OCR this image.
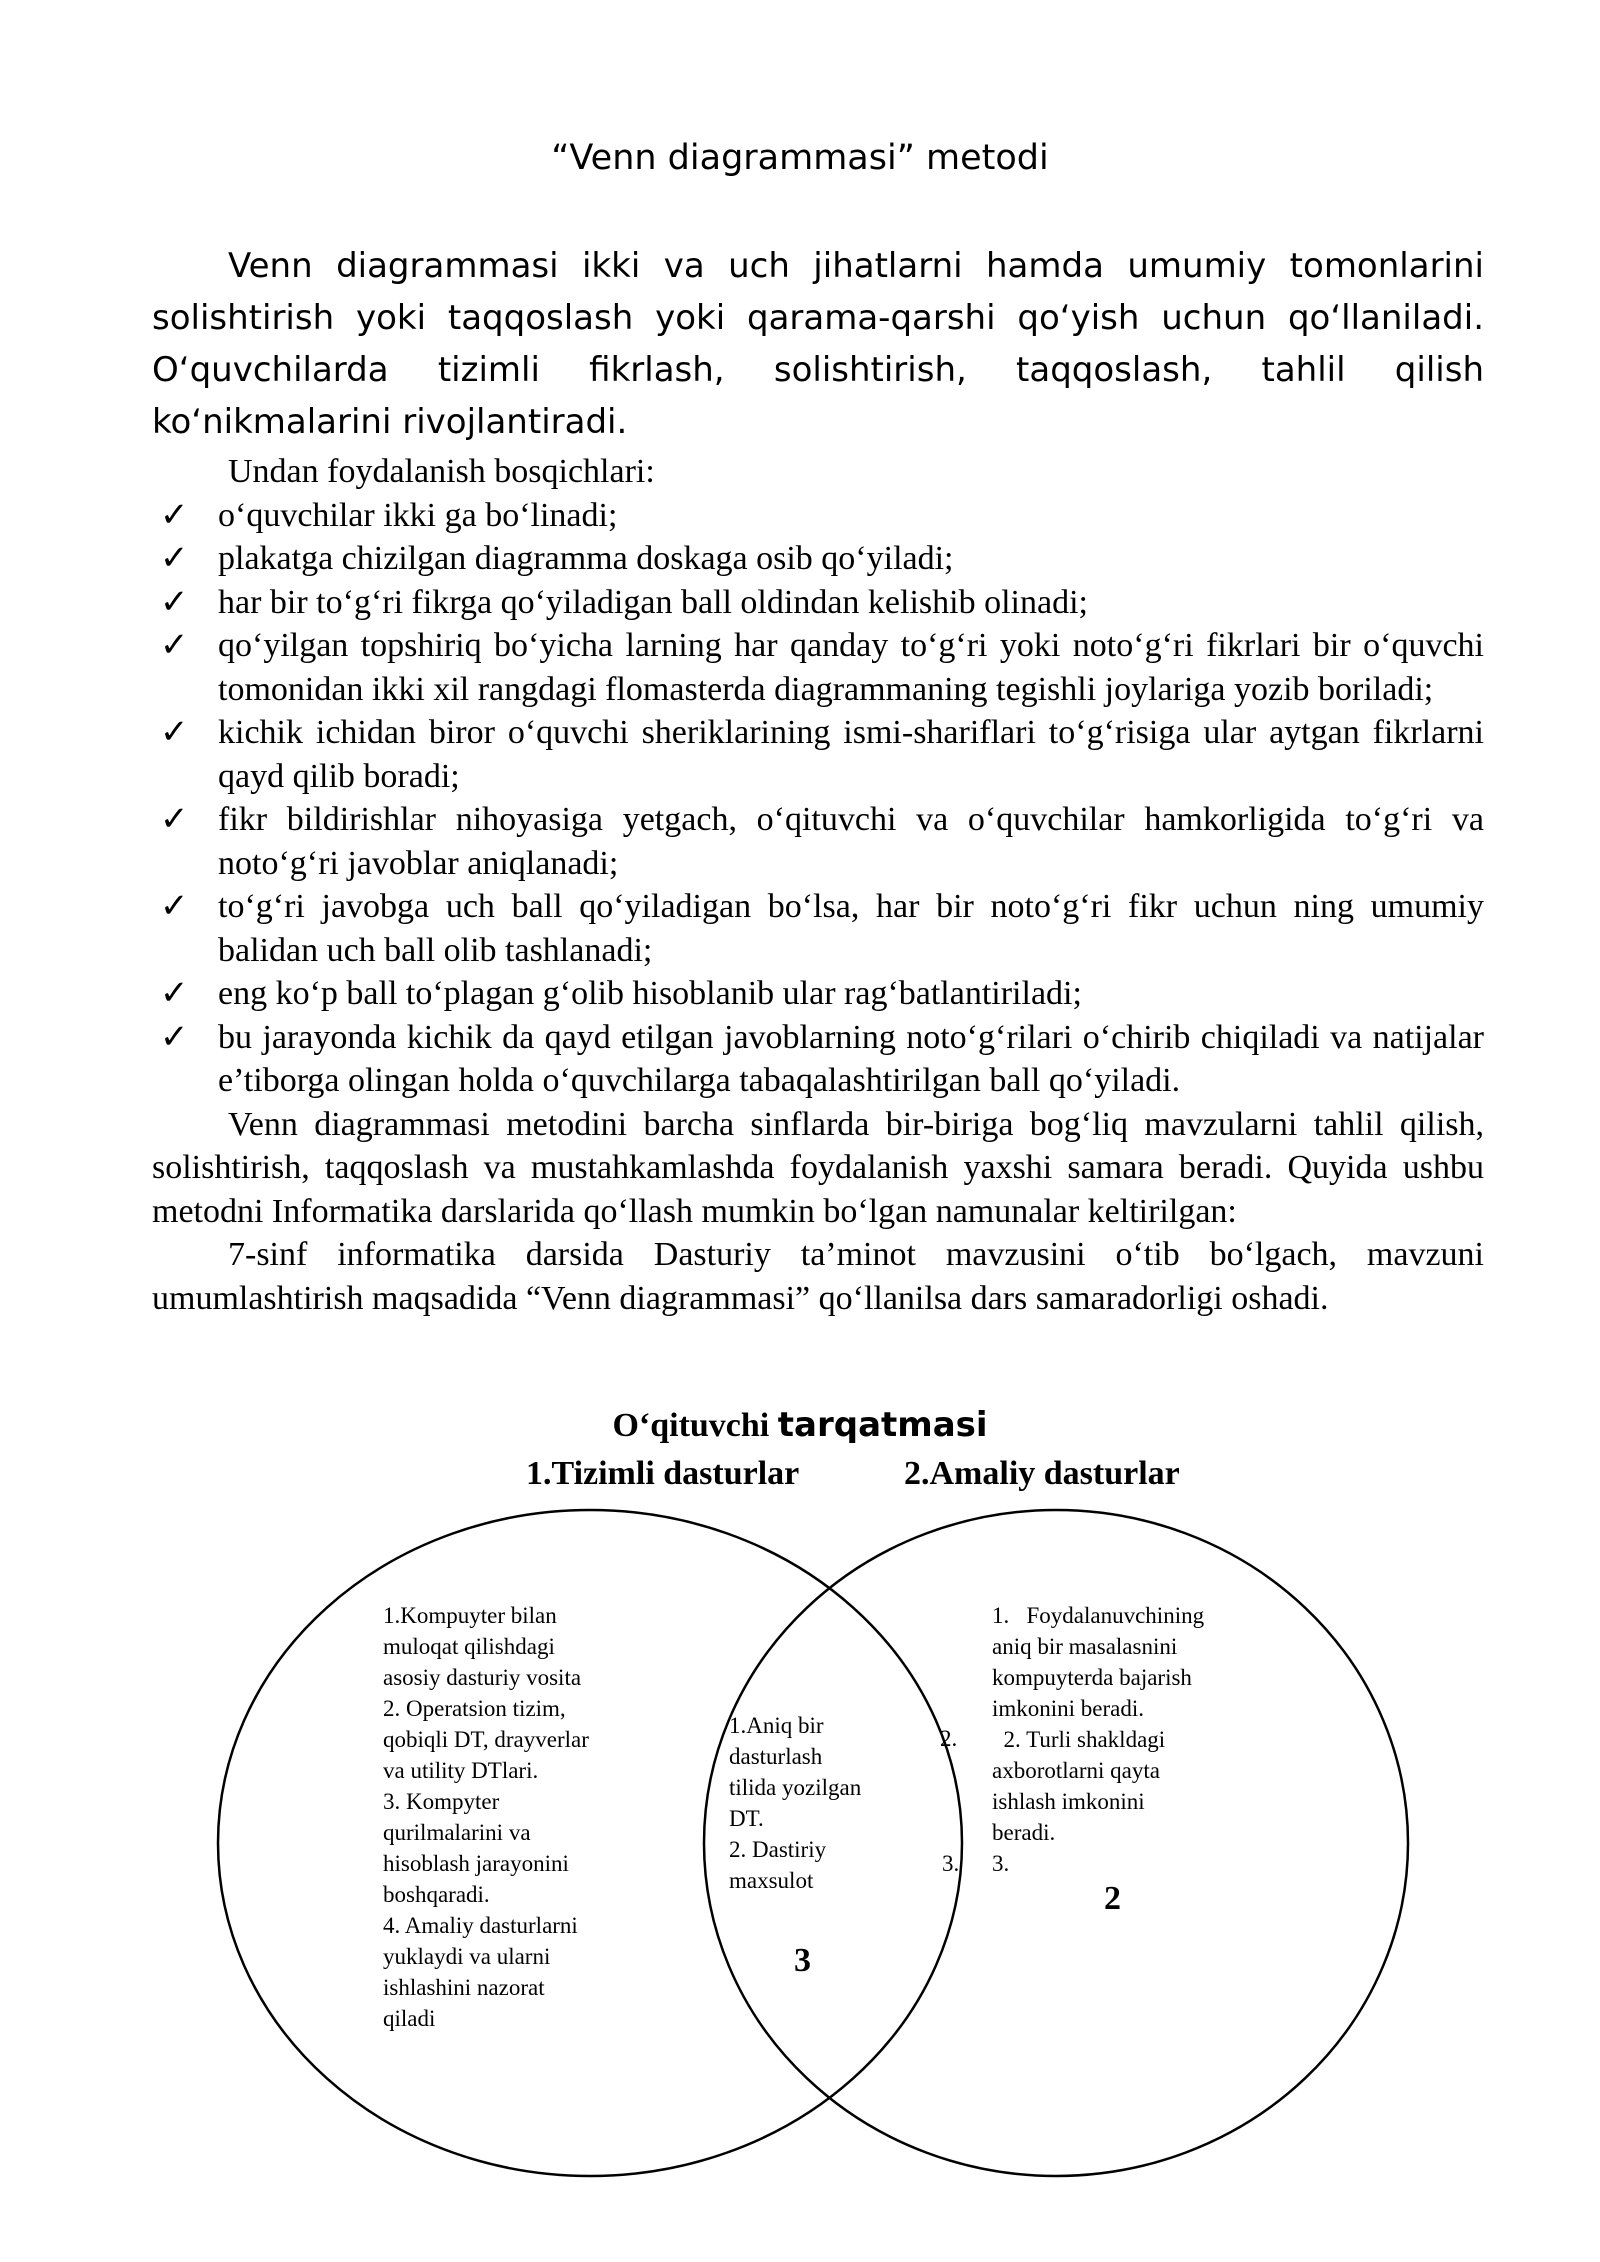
“Venn diagrammasi” metodi

Venn diagrammasi ikki va uch jihatlarni hamda umumiy tomonlarini solishtirish yoki taqqoslash yoki qarama-qarshi qo‘yish uchun qo‘llaniladi. O‘quvchilarda tizimli fikrlash, solishtirish, taqqoslash, tahlil qilish ko‘nikmalarini rivojlantiradi.

Undan foydalanish bosqichlari:

✓ o‘quvchilar ikki ga bo‘linadi;
✓ plakatga chizilgan diagramma doskaga osib qo‘yiladi;
✓ har bir to‘g‘ri fikrga qo‘yiladigan ball oldindan kelishib olinadi;
✓ qo‘yilgan topshiriq bo‘yicha larning har qanday to‘g‘ri yoki noto‘g‘ri fikrlari bir o‘quvchi tomonidan ikki xil rangdagi flomasterda diagrammaning tegishli joylariga yozib boriladi;
✓ kichik ichidan biror o‘quvchi sheriklarining ismi-shariflari to‘g‘risiga ular aytgan fikrlarni qayd qilib boradi;
✓ fikr bildirishlar nihoyasiga yetgach, o‘qituvchi va o‘quvchilar hamkorligida to‘g‘ri va noto‘g‘ri javoblar aniqlanadi;
✓ to‘g‘ri javobga uch ball qo‘yiladigan bo‘lsa, har bir noto‘g‘ri fikr uchun ning umumiy balidan uch ball olib tashlanadi;
✓ eng ko‘p ball to‘plagan g‘olib hisoblanib ular rag‘batlantiriladi;
✓ bu jarayonda kichik da qayd etilgan javoblarning noto‘g‘rilari o‘chirib chiqiladi va natijalar e’tiborga olingan holda o‘quvchilarga tabaqalashtirilgan ball qo‘yiladi.

Venn diagrammasi metodini barcha sinflarda bir-biriga bog‘liq mavzularni tahlil qilish, solishtirish, taqqoslash va mustahkamlashda foydalanish yaxshi samara beradi. Quyida ushbu metodni Informatika darslarida qo‘llash mumkin bo‘lgan namunalar keltirilgan:

7-sinf informatika darsida Dasturiy ta’minot mavzusini o‘tib bo‘lgach, mavzuni umumlashtirish maqsadida “Venn diagrammasi” qo‘llanilsa dars samaradorligi oshadi.

O‘qituvchi tarqatmasi
1.Tizimli dasturlar	2.Amaliy dasturlar
1.Kompuyter bilan
muloqat qilishdagi
asosiy dasturiy vosita
2. Operatsion tizim,
qobiqli DT, drayverlar
va utility DTlari.
3. Kompyter
qurilmalarini va
hisoblash jarayonini
boshqaradi.
4. Amaliy dasturlarni
yuklaydi va ularni
ishlashini nazorat
qiladi
1.Aniq bir
dasturlash
tilida yozilgan
DT.
2. Dastiriy
maxsulot
1.   Foydalanuvchining
aniq bir masalasnini
kompuyterda bajarish
imkonini beradi.
2. Turli shakldagi
axborotlarni qayta
ishlash imkonini
beradi.
3.
2.
3.
3
2
